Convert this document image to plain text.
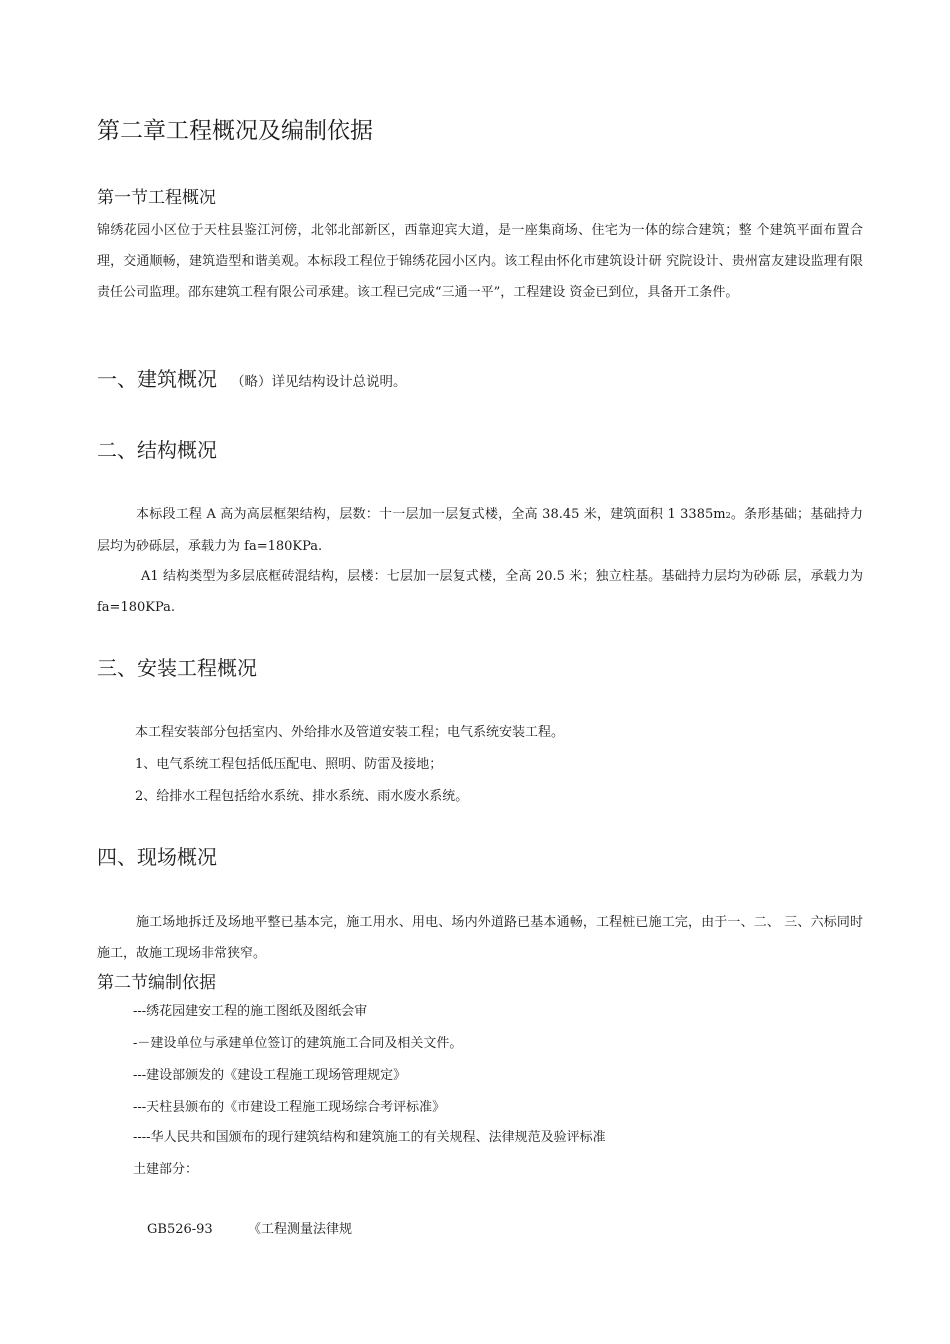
第二章工程概况及编制依据
第一节工程概况
锦绣花园小区位于天柱县鉴江河傍，北邻北部新区，西靠迎宾大道，是一座集商场、住宅为一体的综合建筑；整 个建筑平面布置合理，交通顺畅，建筑造型和谐美观。本标段工程位于锦绣花园小区内。该工程由怀化市建筑设计研 究院设计、贵州富友建设监理有限责任公司监理。邵东建筑工程有限公司承建。该工程已完成“三通一平”，工程建设 资金已到位，具备开工条件。
一、建筑概况 （略）详见结构设计总说明。
二、结构概况
本标段工程 A 高为高层框架结构，层数：十一层加一层复式楼，全高 38.45 米，建筑面积 1 3385m2。条形基础；基础持力层均为砂砾层，承载力为 fa=180KPa.
A1 结构类型为多层底框砖混结构，层楼：七层加一层复式楼，全高 20.5 米；独立柱基。基础持力层均为砂砾 层，承载力为 fa=180KPa.
三、安装工程概况
本工程安装部分包括室内、外给排水及管道安装工程；电气系统安装工程。
1、电气系统工程包括低压配电、照明、防雷及接地；
2、给排水工程包括给水系统、排水系统、雨水废水系统。
四、现场概况
施工场地拆迁及场地平整已基本完，施工用水、用电、场内外道路已基本通畅，工程桩已施工完，由于一、二、 三、六标同时施工，故施工现场非常狭窄。
第二节编制依据
---绣花园建安工程的施工图纸及图纸会审
-－建设单位与承建单位签订的建筑施工合同及相关文件。
---建设部颁发的《建设工程施工现场管理规定》
---天柱县颁布的《市建设工程施工现场综合考评标准》
----华人民共和国颁布的现行建筑结构和建筑施工的有关规程、法律规范及验评标准
土建部分：
GB526-93	《工程测量法律规
